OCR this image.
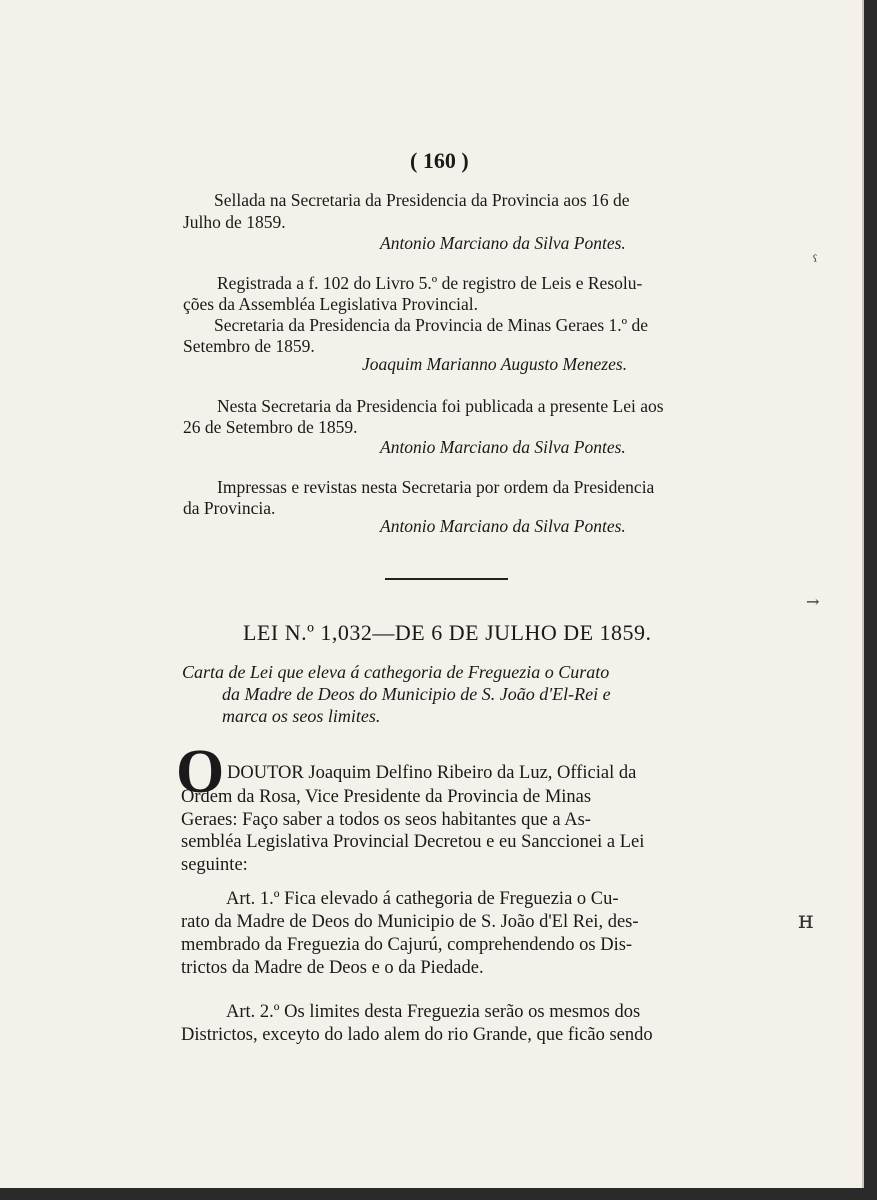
( 160 )
Sellada na Secretaria da Presidencia da Provincia aos 16 de
Julho de 1859.
Antonio Marciano da Silva Pontes.
Registrada a f. 102 do Livro 5.º de registro de Leis e Resolu-
ções da Assembléa Legislativa Provincial.
Secretaria da Presidencia da Provincia de Minas Geraes 1.º de
Setembro de 1859.
Joaquim Marianno Augusto Menezes.
Nesta Secretaria da Presidencia foi publicada a presente Lei aos
26 de Setembro de 1859.
Antonio Marciano da Silva Pontes.
Impressas e revistas nesta Secretaria por ordem da Presidencia
da Provincia.
Antonio Marciano da Silva Pontes.
LEI N.º 1,032—DE 6 DE JULHO DE 1859.
Carta de Lei que eleva á cathegoria de Freguezia o Curato
da Madre de Deos do Municipio de S. João d'El-Rei e
marca os seos limites.
O DOUTOR Joaquim Delfino Ribeiro da Luz, Official da
Ordem da Rosa, Vice Presidente da Provincia de Minas
Geraes: Faço saber a todos os seos habitantes que a As-
sembléa Legislativa Provincial Decretou e eu Sanccionei a Lei
seguinte:
Art. 1.º Fica elevado á cathegoria de Freguezia o Cu-
rato da Madre de Deos do Municipio de S. João d'El Rei, des-
membrado da Freguezia do Cajurú, comprehendendo os Dis-
trictos da Madre de Deos e o da Piedade.
Art. 2.º Os limites desta Freguezia serão os mesmos dos
Districtos, exceyto do lado alem do rio Grande, que ficão sendo
ˤ
→
ʜ
